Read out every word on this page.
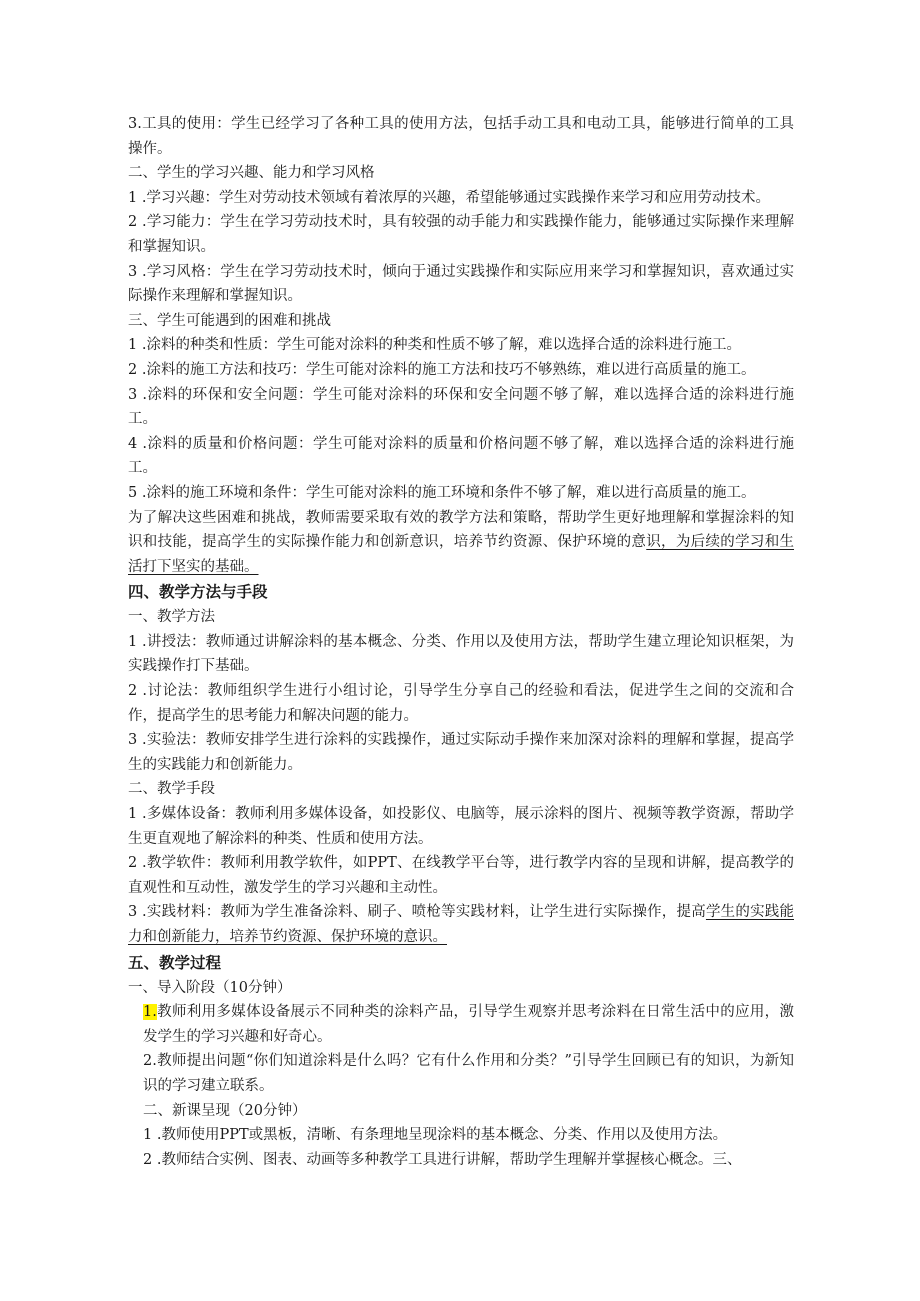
3.工具的使用：学生已经学习了各种工具的使用方法，包括手动工具和电动工具，能够进行简单的工具操作。

二、学生的学习兴趣、能力和学习风格

1 .学习兴趣：学生对劳动技术领域有着浓厚的兴趣，希望能够通过实践操作来学习和应用劳动技术。

2 .学习能力：学生在学习劳动技术时，具有较强的动手能力和实践操作能力，能够通过实际操作来理解和掌握知识。

3 .学习风格：学生在学习劳动技术时，倾向于通过实践操作和实际应用来学习和掌握知识，喜欢通过实际操作来理解和掌握知识。

三、学生可能遇到的困难和挑战

1 .涂料的种类和性质：学生可能对涂料的种类和性质不够了解，难以选择合适的涂料进行施工。

2 .涂料的施工方法和技巧：学生可能对涂料的施工方法和技巧不够熟练，难以进行高质量的施工。

3 .涂料的环保和安全问题：学生可能对涂料的环保和安全问题不够了解，难以选择合适的涂料进行施工。

4 .涂料的质量和价格问题：学生可能对涂料的质量和价格问题不够了解，难以选择合适的涂料进行施工。

5 .涂料的施工环境和条件：学生可能对涂料的施工环境和条件不够了解，难以进行高质量的施工。

为了解决这些困难和挑战，教师需要采取有效的教学方法和策略，帮助学生更好地理解和掌握涂料的知识和技能，提高学生的实际操作能力和创新意识，培养节约资源、保护环境的意识，为后续的学习和生活打下坚实的基础。

四、教学方法与手段

一、教学方法

1 .讲授法：教师通过讲解涂料的基本概念、分类、作用以及使用方法，帮助学生建立理论知识框架，为实践操作打下基础。

2 .讨论法：教师组织学生进行小组讨论，引导学生分享自己的经验和看法，促进学生之间的交流和合作，提高学生的思考能力和解决问题的能力。

3 .实验法：教师安排学生进行涂料的实践操作，通过实际动手操作来加深对涂料的理解和掌握，提高学生的实践能力和创新能力。

二、教学手段

1 .多媒体设备：教师利用多媒体设备，如投影仪、电脑等，展示涂料的图片、视频等教学资源，帮助学生更直观地了解涂料的种类、性质和使用方法。

2 .教学软件：教师利用教学软件，如PPT、在线教学平台等，进行教学内容的呈现和讲解，提高教学的直观性和互动性，激发学生的学习兴趣和主动性。

3 .实践材料：教师为学生准备涂料、刷子、喷枪等实践材料，让学生进行实际操作，提高学生的实践能力和创新能力，培养节约资源、保护环境的意识。

五、教学过程

一、导入阶段（10分钟）

1.教师利用多媒体设备展示不同种类的涂料产品，引导学生观察并思考涂料在日常生活中的应用，激发学生的学习兴趣和好奇心。

2.教师提出问题“你们知道涂料是什么吗？它有什么作用和分类？”引导学生回顾已有的知识，为新知识的学习建立联系。

二、新课呈现（20分钟）

1 .教师使用PPT或黑板，清晰、有条理地呈现涂料的基本概念、分类、作用以及使用方法。

2 .教师结合实例、图表、动画等多种教学工具进行讲解，帮助学生理解并掌握核心概念。三、
